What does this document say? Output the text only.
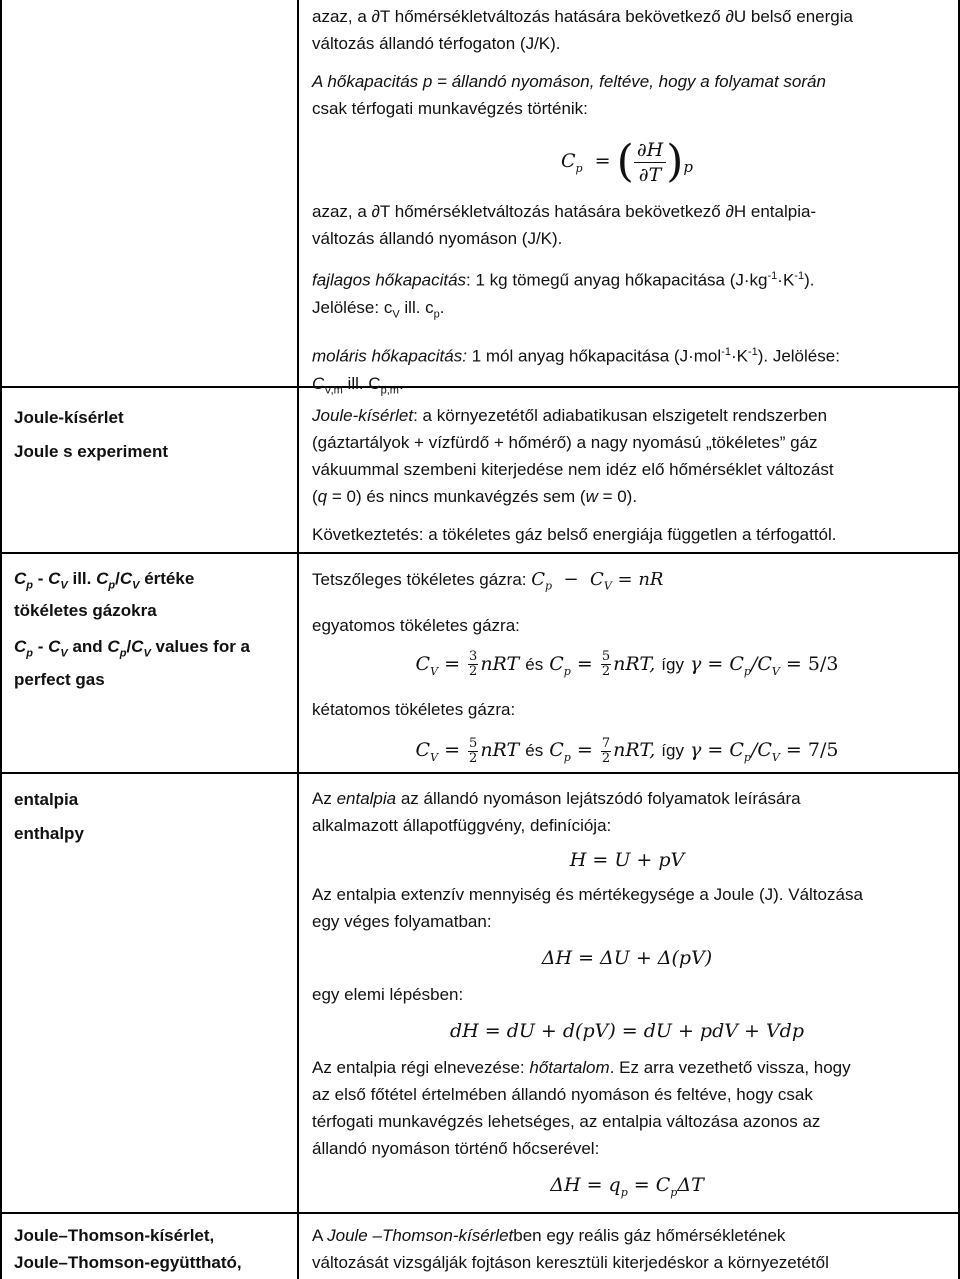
azaz, a ∂T hőmérsékletváltozás hatására bekövetkező ∂U belső energia
változás állandó térfogaton (J/K).

A hőkapacitás p = állandó nyomáson, feltéve, hogy a folyamat során
csak térfogati munkavégzés történik:

$C_p$  = ( $\frac{\partial H}{\partial T} )_p$

azaz, a ∂T hőmérsékletváltozás hatására bekövetkező ∂H entalpia-
változás állandó nyomáson (J/K).

fajlagos hőkapacitás: 1 kg tömegű anyag hőkapacitása $(J\cdot kg^{-1}\cdot K^{-1})$.
Jelölése: $c_V$ ill. $c_p$.

moláris hőkapacitás: 1 mól anyag hőkapacitása $(J\cdot mol^{-1}\cdot K^{-1})$. Jelölése:
$C_{V,m}$ ill. $C_{p,m}$.

Joule-kísérlet

Joule s experiment

Joule-kísérlet: a környezetétől adiabatikusan elszigetelt rendszerben
(gáztartályok + vízfürdő + hőmérő) a nagy nyomású „tökéletes” gáz
vákuummal szembeni kiterjedése nem idéz elő hőmérséklet változást
(q = 0) és nincs munkavégzés sem (w = 0).

Következtetés: a tökéletes gáz belső energiája független a térfogattól.

$C_p - C_V$ ill. $C_p/C_V$ értéke
tökéletes gázokra

$C_p - C_V$ and $C_p/C_V$ values for a
perfect gas

Tetszőleges tökéletes gázra: $C_p - C_V$ = nR

egyatomos tökéletes gázra:

$C_V = \frac{3}{2}$ nRT és $C_p = \frac{5}{2}$ nRT, így $\gamma = C_p/C_V = 5/3$

kétatomos tökéletes gázra:

$C_V = \frac{5}{2}$ nRT és $C_p = \frac{7}{2}$ nRT, így $\gamma = C_p/C_V = 7/5$

entalpia

enthalpy

Az entalpia az állandó nyomáson lejátszódó folyamatok leírására
alkalmazott állapotfüggvény, definíciója:

H = U + pV

Az entalpia extenzív mennyiség és mértékegysége a Joule (J). Változása
egy véges folyamatban:

ΔH = ΔU + Δ(pV)

egy elemi lépésben:

dH = dU + d(pV) = dU + pdV + Vdp

Az entalpia régi elnevezése: hőtartalom. Ez arra vezethető vissza, hogy
az első főtétel értelmében állandó nyomáson és feltéve, hogy csak
térfogati munkavégzés lehetséges, az entalpia változása azonos az
állandó nyomáson történő hőcserével:

$\Delta H = q_p = C_p\Delta T$

Joule–Thomson-kísérlet,

Joule–Thomson-együttható,

A Joule –Thomson-kísérletben egy reális gáz hőmérsékletének
változását vizsgálják fojtáson keresztüli kiterjedéskor a környezetétől
